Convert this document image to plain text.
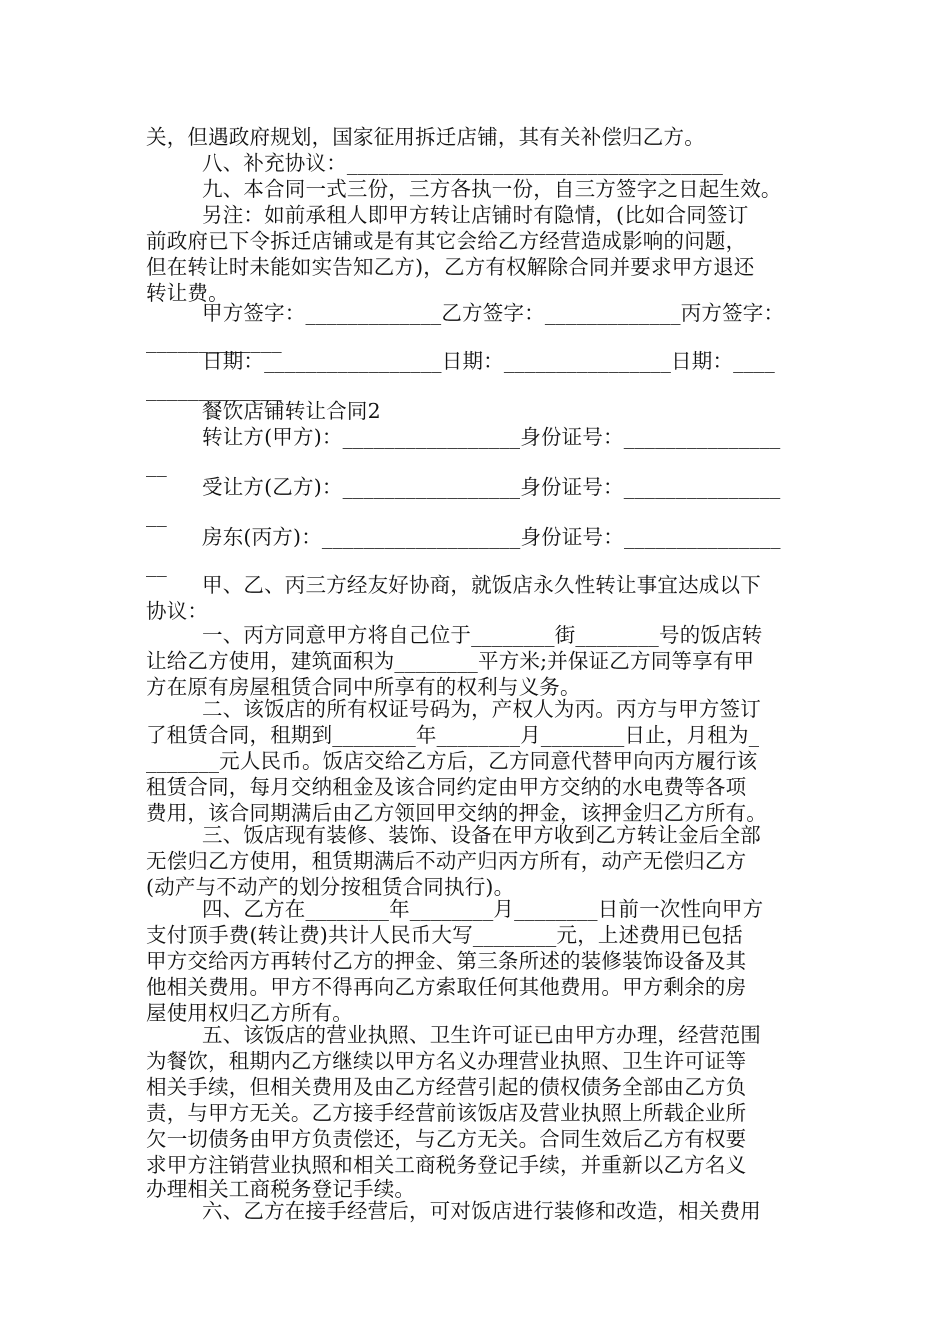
关，但遇政府规划，国家征用拆迁店铺，其有关补偿归乙方。
八、补充协议：____________________________________
九、本合同一式三份，三方各执一份，自三方签字之日起生效。
另注：如前承租人即甲方转让店铺时有隐情，(比如合同签订
前政府已下令拆迁店铺或是有其它会给乙方经营造成影响的问题，
但在转让时未能如实告知乙方)，乙方有权解除合同并要求甲方退还
转让费。
甲方签字：_____________乙方签字：_____________丙方签字：
_____________
日期：_________________日期：________________日期：____
_____________
餐饮店铺转让合同2
转让方(甲方)：_________________身份证号：_______________
__
受让方(乙方)：_________________身份证号：_______________
__
房东(丙方)：___________________身份证号：_______________
__
甲、乙、丙三方经友好协商，就饭店永久性转让事宜达成以下
协议：
一、丙方同意甲方将自己位于________街________号的饭店转
让给乙方使用，建筑面积为________平方米;并保证乙方同等享有甲
方在原有房屋租赁合同中所享有的权利与义务。
二、该饭店的所有权证号码为，产权人为丙。丙方与甲方签订
了租赁合同，租期到________年________月________日止，月租为_
_______元人民币。饭店交给乙方后，乙方同意代替甲向丙方履行该
租赁合同，每月交纳租金及该合同约定由甲方交纳的水电费等各项
费用，该合同期满后由乙方领回甲交纳的押金，该押金归乙方所有。
三、饭店现有装修、装饰、设备在甲方收到乙方转让金后全部
无偿归乙方使用，租赁期满后不动产归丙方所有，动产无偿归乙方
(动产与不动产的划分按租赁合同执行)。
四、乙方在________年________月________日前一次性向甲方
支付顶手费(转让费)共计人民币大写________元，上述费用已包括
甲方交给丙方再转付乙方的押金、第三条所述的装修装饰设备及其
他相关费用。甲方不得再向乙方索取任何其他费用。甲方剩余的房
屋使用权归乙方所有。
五、该饭店的营业执照、卫生许可证已由甲方办理，经营范围
为餐饮，租期内乙方继续以甲方名义办理营业执照、卫生许可证等
相关手续，但相关费用及由乙方经营引起的债权债务全部由乙方负
责，与甲方无关。乙方接手经营前该饭店及营业执照上所载企业所
欠一切债务由甲方负责偿还，与乙方无关。合同生效后乙方有权要
求甲方注销营业执照和相关工商税务登记手续，并重新以乙方名义
办理相关工商税务登记手续。
六、乙方在接手经营后，可对饭店进行装修和改造，相关费用
